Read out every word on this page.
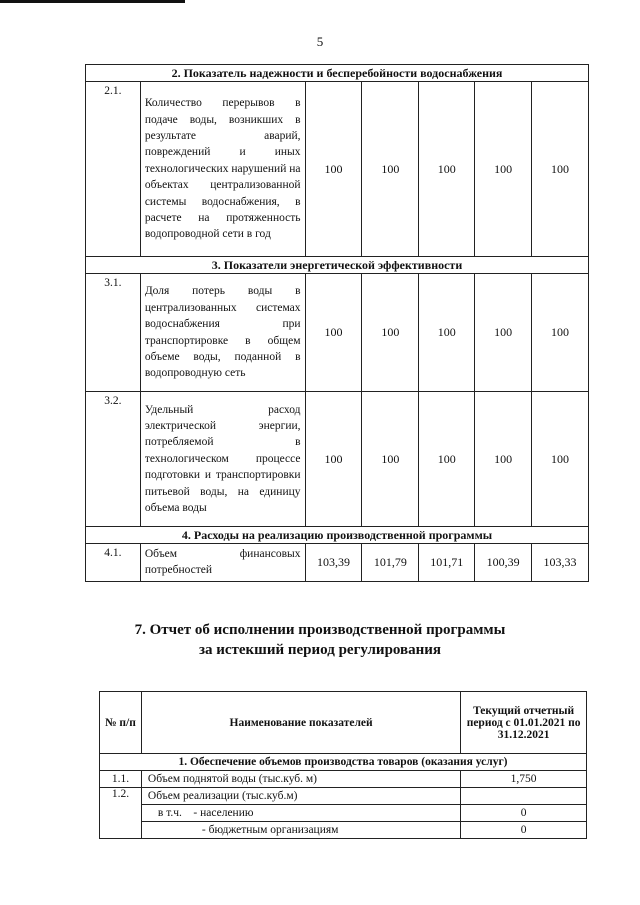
5
2. Показатель надежности и бесперебойности водоснабжения						
2.1.	Количество перерывов в подаче воды, возникших в результате аварий, повреждений и иных технологических нарушений на объектах централизованной системы водоснабжения, в расчете на протяженность водопроводной сети в год	100	100	100	100	100
3. Показатели энергетической эффективности						
3.1.	Доля потерь воды в централизованных системах водоснабжения при транспортировке в общем объеме воды, поданной в водопроводную сеть	100	100	100	100	100
3.2.	Удельный расход электрической энергии, потребляемой в технологическом процессе подготовки и транспортировки питьевой воды, на единицу объема воды	100	100	100	100	100
4. Расходы на реализацию производственной программы						
4.1.	Объем финансовых потребностей	103,39	101,79	101,71	100,39	103,33
7. Отчет об исполнении производственной программы
за истекший период регулирования
№ п/п	Наименование показателей	Текущий отчетный период с 01.01.2021 по 31.12.2021
1. Обеспечение объемов производства товаров (оказания услуг)		
1.1.	Объем поднятой воды (тыс.куб. м)	1,750
1.2.	Объем реализации (тыс.куб.м)	
	в т.ч.    - населению	0
	- бюджетным организациям	0
